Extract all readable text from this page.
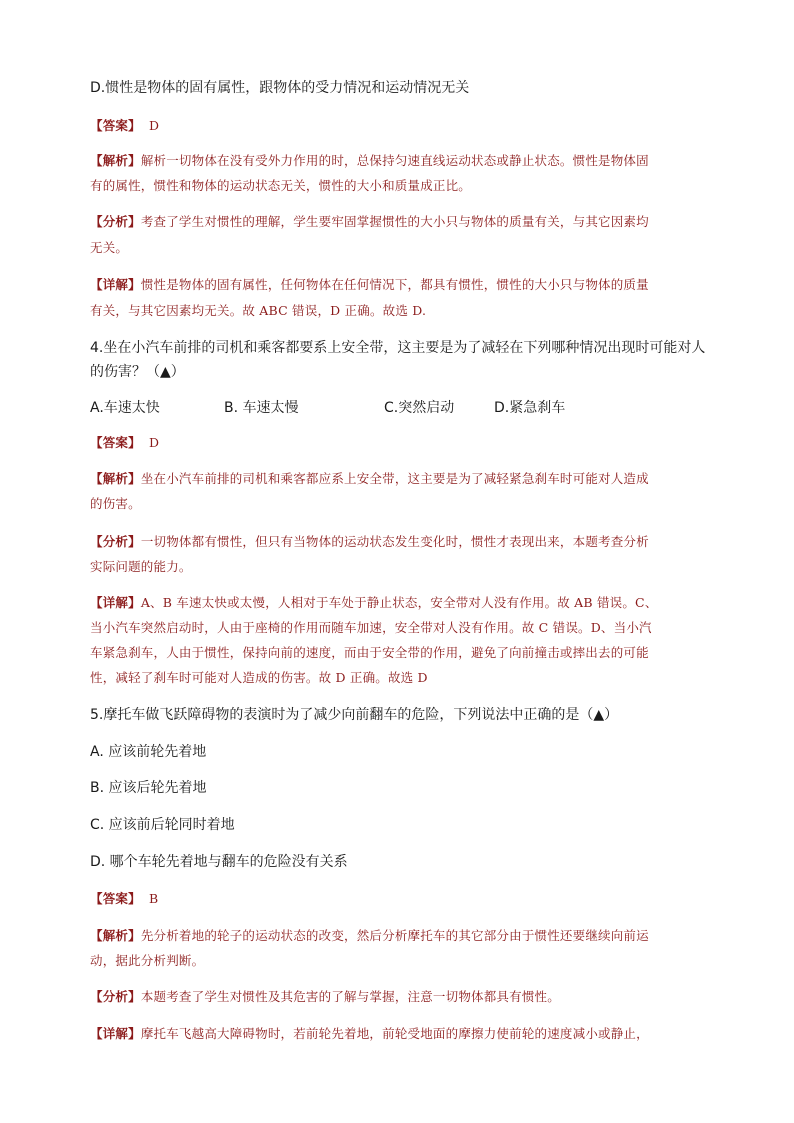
D.惯性是物体的固有属性，跟物体的受力情况和运动情况无关
【答案】 D
【解析】解析一切物体在没有受外力作用的时，总保持匀速直线运动状态或静止状态。惯性是物体固
有的属性，惯性和物体的运动状态无关，惯性的大小和质量成正比。
【分析】考查了学生对惯性的理解，学生要牢固掌握惯性的大小只与物体的质量有关，与其它因素均
无关。
【详解】惯性是物体的固有属性，任何物体在任何情况下，都具有惯性，惯性的大小只与物体的质量
有关，与其它因素均无关。故 ABC 错误，D 正确。故选 D.
4.坐在小汽车前排的司机和乘客都要系上安全带，这主要是为了减轻在下列哪种情况出现时可能对人
的伤害？（▲）
A.车速太快	B. 车速太慢	C.突然启动	D.紧急刹车
【答案】 D
【解析】坐在小汽车前排的司机和乘客都应系上安全带，这主要是为了减轻紧急刹车时可能对人造成
的伤害。
【分析】一切物体都有惯性，但只有当物体的运动状态发生变化时，惯性才表现出来，本题考查分析
实际问题的能力。
【详解】A、B 车速太快或太慢，人相对于车处于静止状态，安全带对人没有作用。故 AB 错误。C、
当小汽车突然启动时，人由于座椅的作用而随车加速，安全带对人没有作用。故 C 错误。D、当小汽
车紧急刹车，人由于惯性，保持向前的速度，而由于安全带的作用，避免了向前撞击或摔出去的可能
性，减轻了刹车时可能对人造成的伤害。故 D 正确。故选 D
5.摩托车做飞跃障碍物的表演时为了减少向前翻车的危险，下列说法中正确的是（▲）
A. 应该前轮先着地
B. 应该后轮先着地
C. 应该前后轮同时着地
D. 哪个车轮先着地与翻车的危险没有关系
【答案】 B
【解析】先分析着地的轮子的运动状态的改变，然后分析摩托车的其它部分由于惯性还要继续向前运
动，据此分析判断。
【分析】本题考查了学生对惯性及其危害的了解与掌握，注意一切物体都具有惯性。
【详解】摩托车飞越高大障碍物时，若前轮先着地，前轮受地面的摩擦力使前轮的速度减小或静止，
